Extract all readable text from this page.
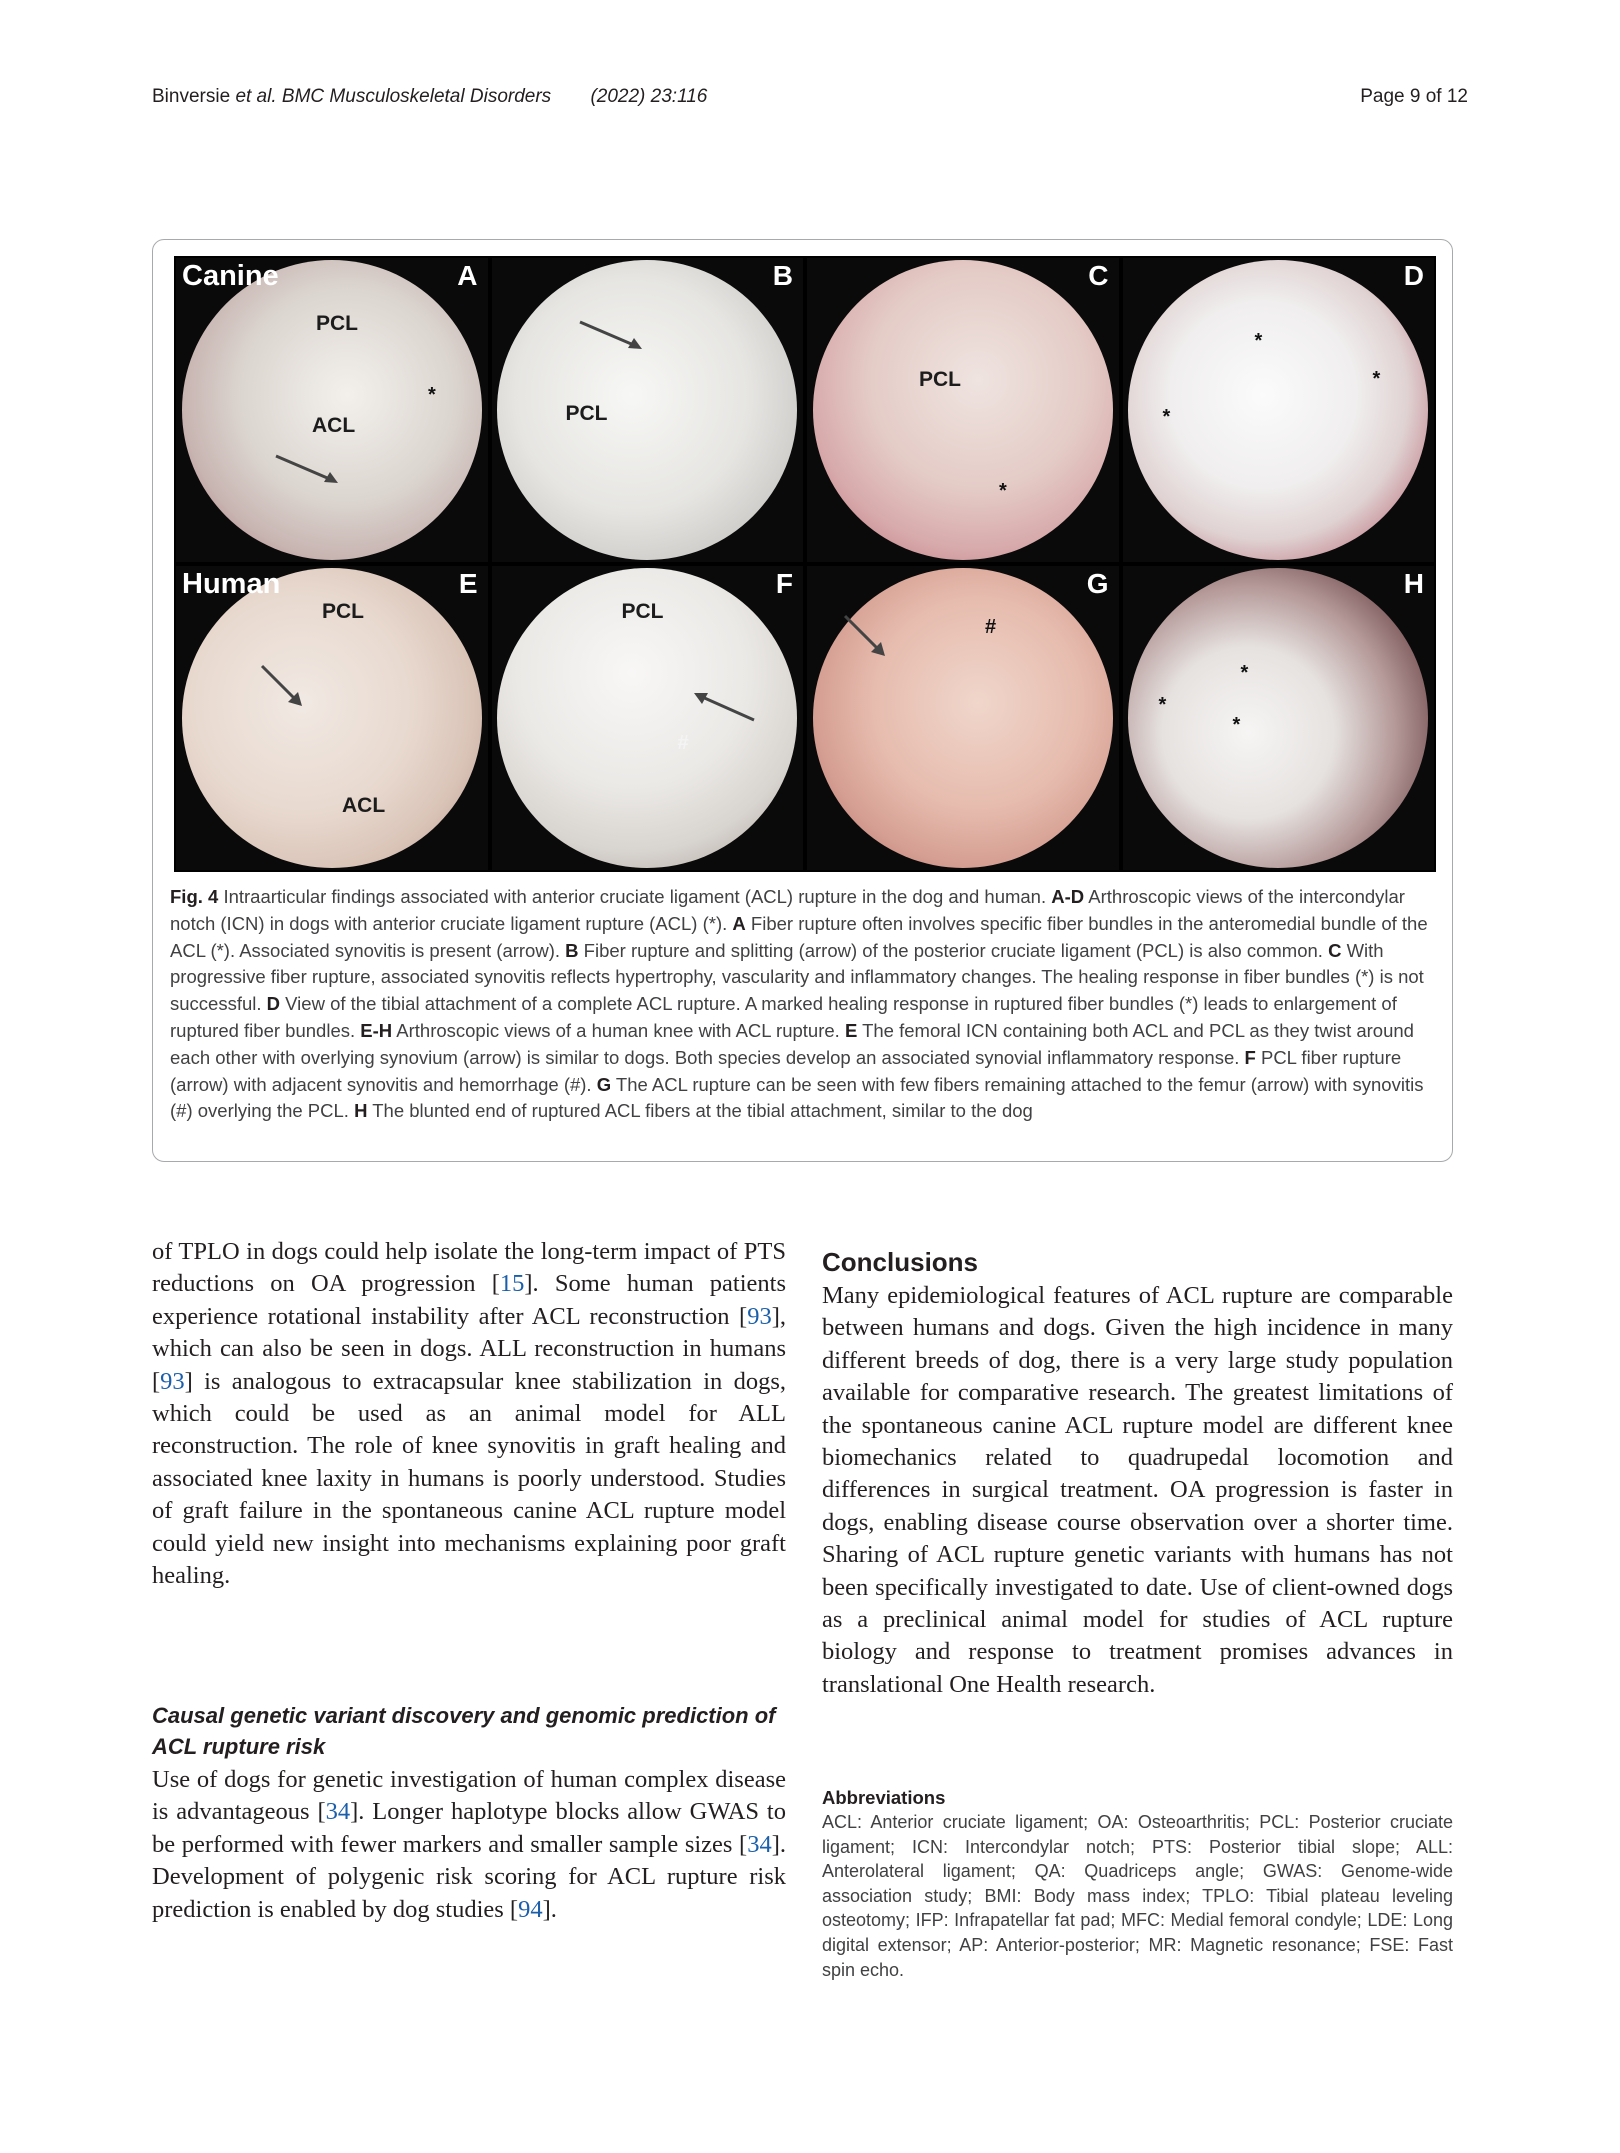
Binversie et al. BMC Musculoskeletal Disorders (2022) 23:116	Page 9 of 12
Canine	A
PCL
ACL
*
B
PCL
C
PCL
*
D
*
*
*
Human	E
PCL
ACL
F
PCL
#
G
#
H
*
*
*
Fig. 4 Intraarticular findings associated with anterior cruciate ligament (ACL) rupture in the dog and human. A-D Arthroscopic views of the intercondylar notch (ICN) in dogs with anterior cruciate ligament rupture (ACL) (*). A Fiber rupture often involves specific fiber bundles in the anteromedial bundle of the ACL (*). Associated synovitis is present (arrow). B Fiber rupture and splitting (arrow) of the posterior cruciate ligament (PCL) is also common. C With progressive fiber rupture, associated synovitis reflects hypertrophy, vascularity and inflammatory changes. The healing response in fiber bundles (*) is not successful. D View of the tibial attachment of a complete ACL rupture. A marked healing response in ruptured fiber bundles (*) leads to enlargement of ruptured fiber bundles. E-H Arthroscopic views of a human knee with ACL rupture. E The femoral ICN containing both ACL and PCL as they twist around each other with overlying synovium (arrow) is similar to dogs. Both species develop an associated synovial inflammatory response. F PCL fiber rupture (arrow) with adjacent synovitis and hemorrhage (#). G The ACL rupture can be seen with few fibers remaining attached to the femur (arrow) with synovitis (#) overlying the PCL. H The blunted end of ruptured ACL fibers at the tibial attachment, similar to the dog

of TPLO in dogs could help isolate the long-term impact of PTS reductions on OA progression [15]. Some human patients experience rotational instability after ACL reconstruction [93], which can also be seen in dogs. ALL reconstruction in humans [93] is analogous to extracapsular knee stabilization in dogs, which could be used as an animal model for ALL reconstruction. The role of knee synovitis in graft healing and associated knee laxity in humans is poorly understood. Studies of graft failure in the spontaneous canine ACL rupture model could yield new insight into mechanisms explaining poor graft healing.

Causal genetic variant discovery and genomic prediction of ACL rupture risk

Use of dogs for genetic investigation of human complex disease is advantageous [34]. Longer haplotype blocks allow GWAS to be performed with fewer markers and smaller sample sizes [34]. Development of polygenic risk scoring for ACL rupture risk prediction is enabled by dog studies [94].

Conclusions

Many epidemiological features of ACL rupture are comparable between humans and dogs. Given the high incidence in many different breeds of dog, there is a very large study population available for comparative research. The greatest limitations of the spontaneous canine ACL rupture model are different knee biomechanics related to quadrupedal locomotion and differences in surgical treatment. OA progression is faster in dogs, enabling disease course observation over a shorter time. Sharing of ACL rupture genetic variants with humans has not been specifically investigated to date. Use of client-owned dogs as a preclinical animal model for studies of ACL rupture biology and response to treatment promises advances in translational One Health research.

Abbreviations
ACL: Anterior cruciate ligament; OA: Osteoarthritis; PCL: Posterior cruciate ligament; ICN: Intercondylar notch; PTS: Posterior tibial slope; ALL: Anterolateral ligament; QA: Quadriceps angle; GWAS: Genome-wide association study; BMI: Body mass index; TPLO: Tibial plateau leveling osteotomy; IFP: Infrapatellar fat pad; MFC: Medial femoral condyle; LDE: Long digital extensor; AP: Anterior-posterior; MR: Magnetic resonance; FSE: Fast spin echo.
